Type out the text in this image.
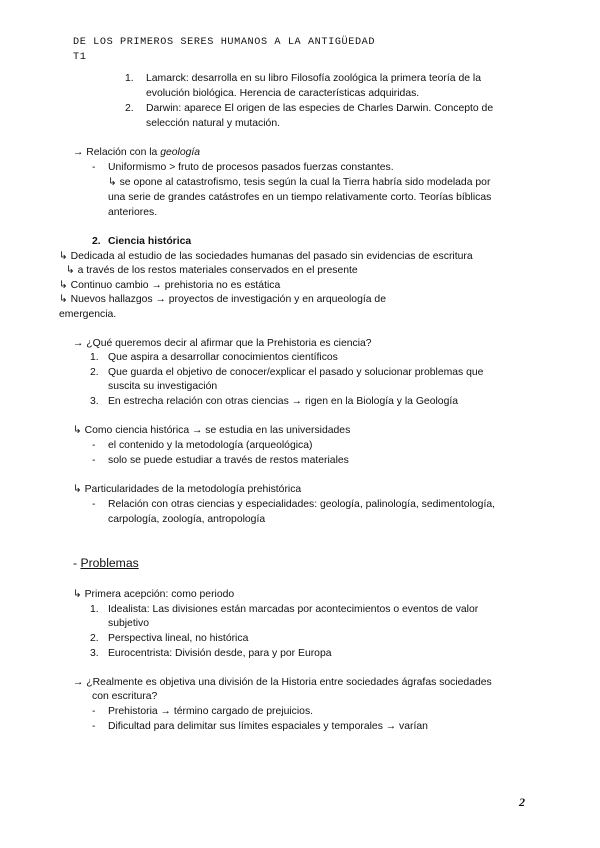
DE LOS PRIMEROS SERES HUMANOS A LA ANTIGÜEDAD
T1
1. Lamarck: desarrolla en su libro Filosofía zoológica la primera teoría de la
evolución biológica. Herencia de características adquiridas.
2. Darwin: aparece El origen de las especies de Charles Darwin. Concepto de
selección natural y mutación.
→ Relación con la geología
- Uniformismo > fruto de procesos pasados fuerzas constantes.
↳ se opone al catastrofismo, tesis según la cual la Tierra habría sido modelada por
una serie de grandes catástrofes en un tiempo relativamente corto. Teorías bíblicas
anteriores.
2. Ciencia histórica
↳ Dedicada al estudio de las sociedades humanas del pasado sin evidencias de escritura
↳ a través de los restos materiales conservados en el presente
↳ Continuo cambio → prehistoria no es estática
↳ Nuevos hallazgos → proyectos de investigación y en arqueología de
emergencia.
→ ¿Qué queremos decir al afirmar que la Prehistoria es ciencia?
1. Que aspira a desarrollar conocimientos científicos
2. Que guarda el objetivo de conocer/explicar el pasado y solucionar problemas que
suscita su investigación
3. En estrecha relación con otras ciencias → rigen en la Biología y la Geología
↳ Como ciencia histórica → se estudia en las universidades
- el contenido y la metodología (arqueológica)
- solo se puede estudiar a través de restos materiales
↳ Particularidades de la metodología prehistórica
- Relación con otras ciencias y especialidades: geología, palinología, sedimentología,
carpología, zoología, antropología
- Problemas
↳ Primera acepción: como periodo
1. Idealista: Las divisiones están marcadas por acontecimientos o eventos de valor
subjetivo
2. Perspectiva lineal, no histórica
3. Eurocentrista: División desde, para y por Europa
→ ¿Realmente es objetiva una división de la Historia entre sociedades ágrafas sociedades
con escritura?
- Prehistoria → término cargado de prejuicios.
- Dificultad para delimitar sus límites espaciales y temporales → varían
2
